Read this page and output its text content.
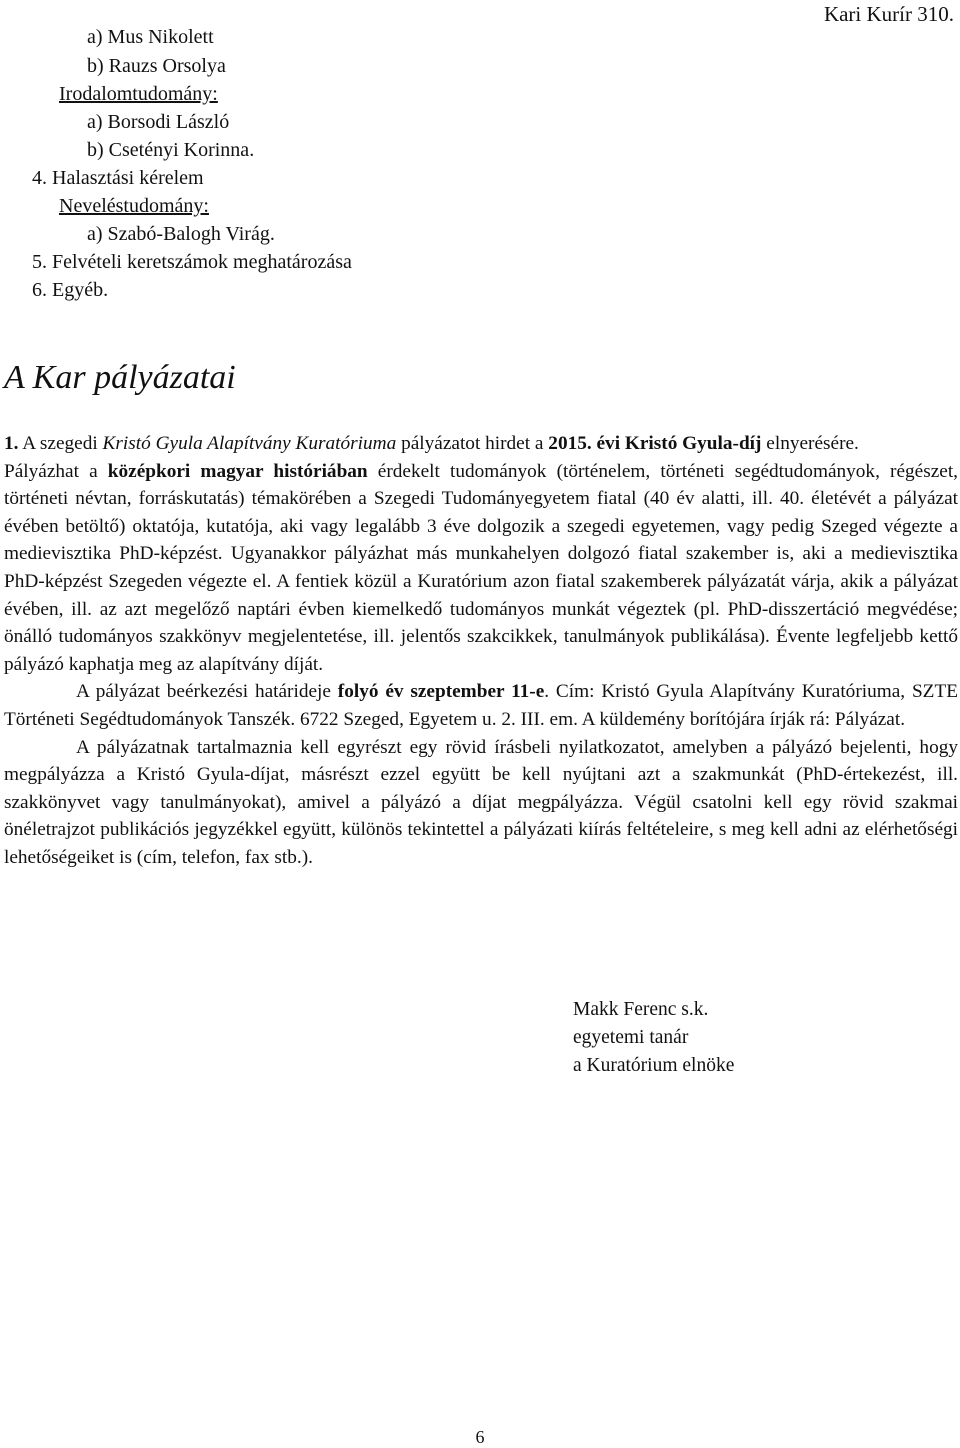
Kari Kurír 310.
a) Mus Nikolett
b) Rauzs Orsolya
Irodalomtudomány:
a) Borsodi László
b) Csetényi Korinna.
4. Halasztási kérelem
Neveléstudomány:
a) Szabó-Balogh Virág.
5. Felvételi keretszámok meghatározása
6. Egyéb.
A Kar pályázatai

1. A szegedi Kristó Gyula Alapítvány Kuratóriuma pályázatot hirdet a 2015. évi Kristó Gyula-díj elnyerésére.

Pályázhat a középkori magyar históriában érdekelt tudományok (történelem, történeti segédtudományok, régészet, történeti névtan, forráskutatás) témakörében a Szegedi Tudományegyetem fiatal (40 év alatti, ill. 40. életévét a pályázat évében betöltő) oktatója, kutatója, aki vagy legalább 3 éve dolgozik a szegedi egyetemen, vagy pedig Szeged végezte a medievisztika PhD-képzést. Ugyanakkor pályázhat más munkahelyen dolgozó fiatal szakember is, aki a medievisztika PhD-képzést Szegeden végezte el. A fentiek közül a Kuratórium azon fiatal szakemberek pályázatát várja, akik a pályázat évében, ill. az azt megelőző naptári évben kiemelkedő tudományos munkát végeztek (pl. PhD-disszertáció megvédése; önálló tudományos szakkönyv megjelentetése, ill. jelentős szakcikkek, tanulmányok publikálása). Évente legfeljebb kettő pályázó kaphatja meg az alapítvány díját.

A pályázat beérkezési határideje folyó év szeptember 11-e. Cím: Kristó Gyula Alapítvány Kuratóriuma, SZTE Történeti Segédtudományok Tanszék. 6722 Szeged, Egyetem u. 2. III. em. A küldemény borítójára írják rá: Pályázat.

A pályázatnak tartalmaznia kell egyrészt egy rövid írásbeli nyilatkozatot, amelyben a pályázó bejelenti, hogy megpályázza a Kristó Gyula-díjat, másrészt ezzel együtt be kell nyújtani azt a szakmunkát (PhD-értekezést, ill. szakkönyvet vagy tanulmányokat), amivel a pályázó a díjat megpályázza. Végül csatolni kell egy rövid szakmai önéletrajzot publikációs jegyzékkel együtt, különös tekintettel a pályázati kiírás feltételeire, s meg kell adni az elérhetőségi lehetőségeiket is (cím, telefon, fax stb.).

Makk Ferenc s.k.
egyetemi tanár
a Kuratórium elnöke
6
